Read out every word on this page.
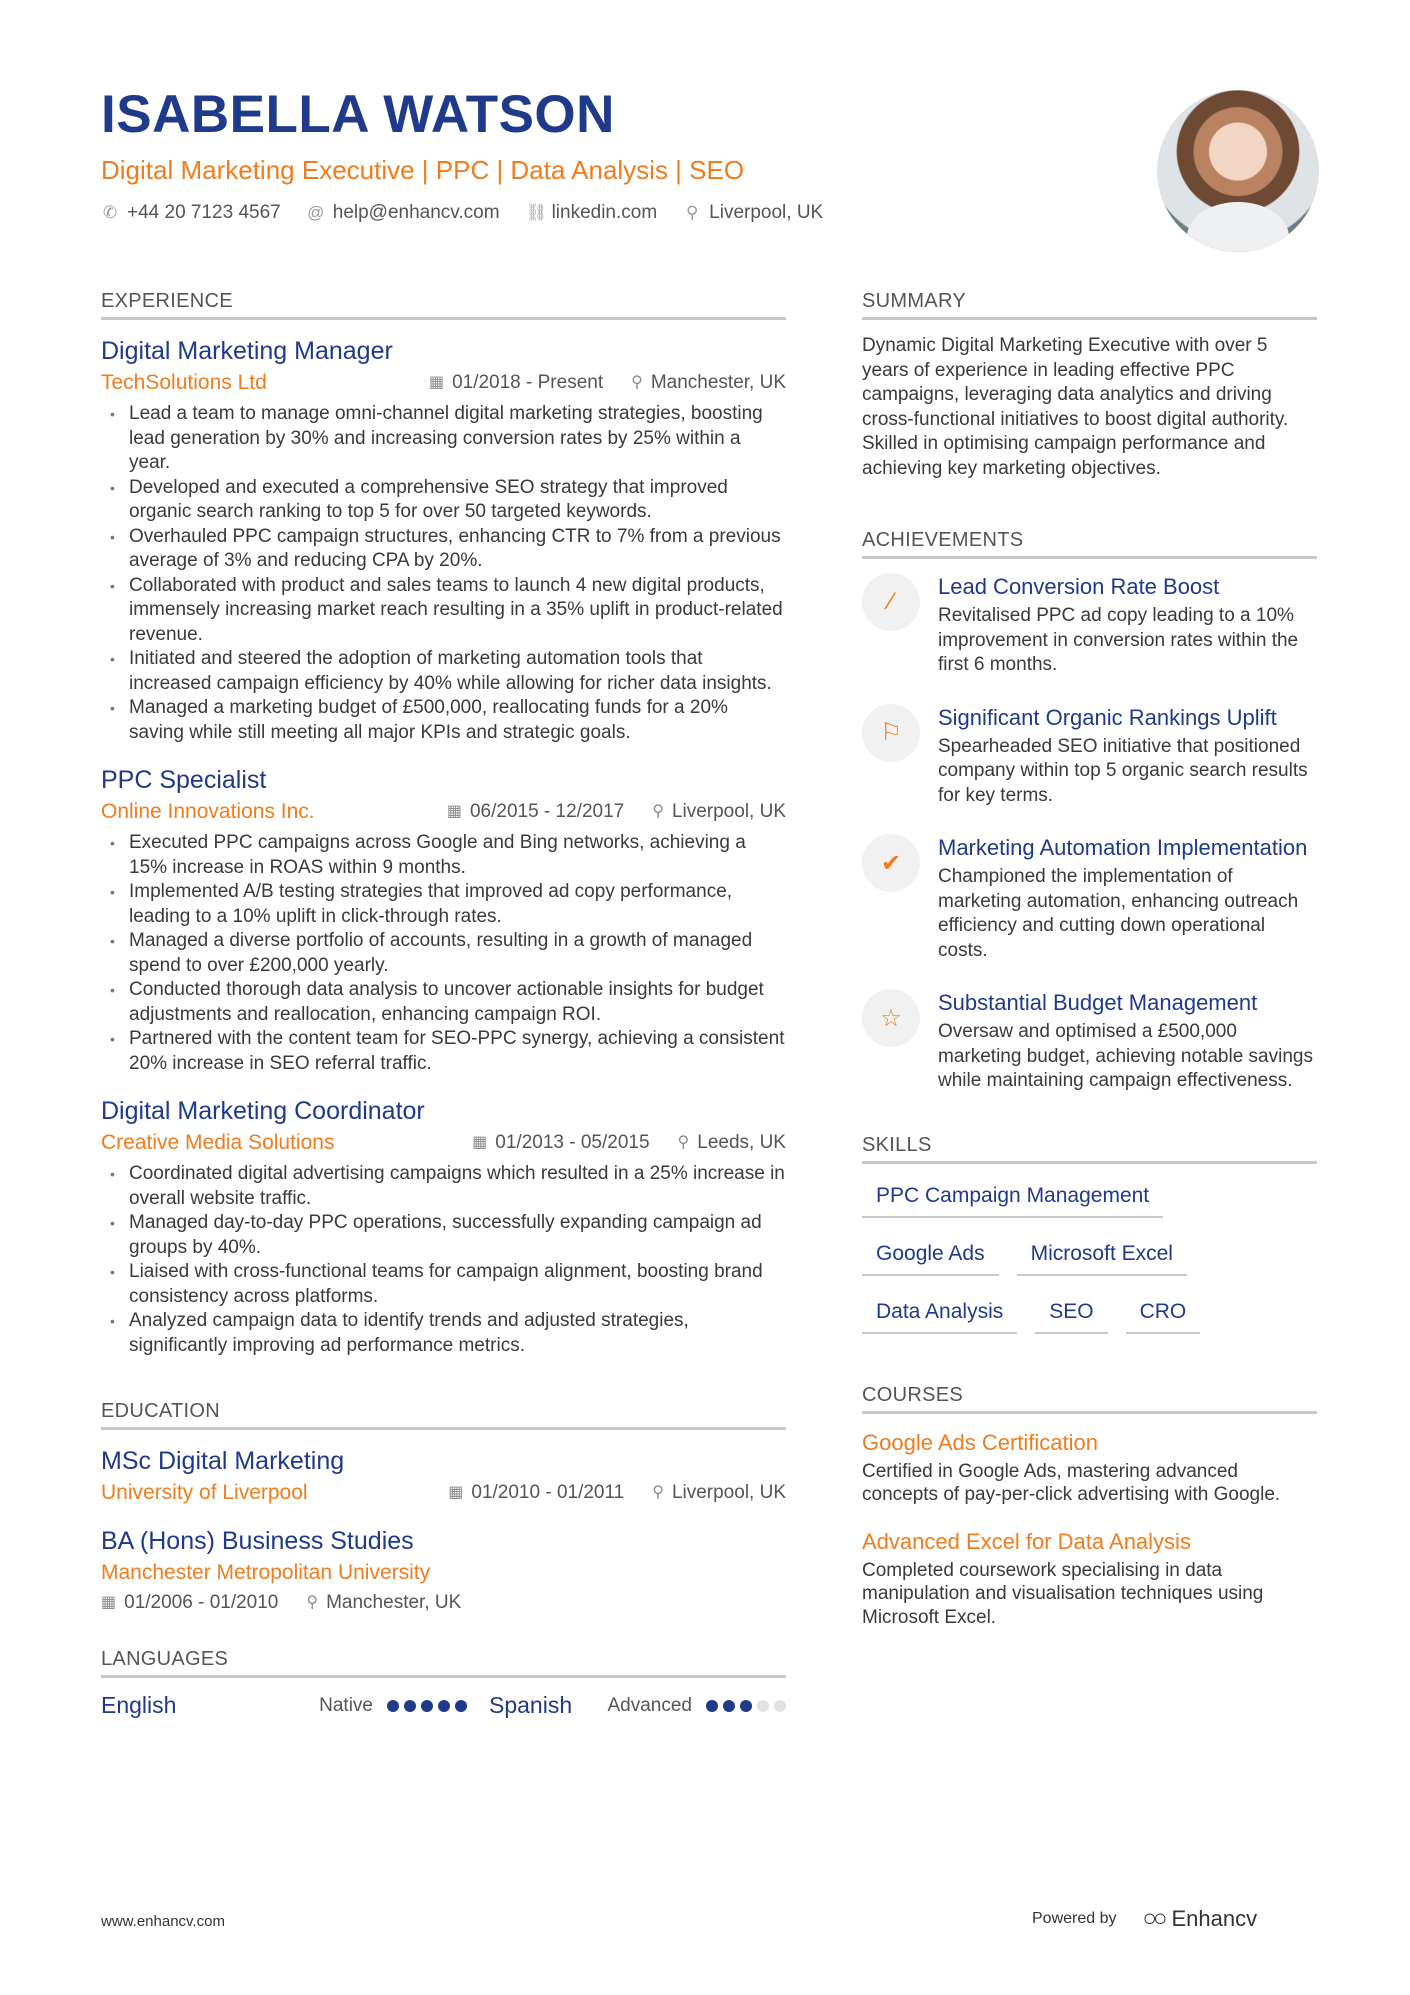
ISABELLA WATSON
Digital Marketing Executive | PPC | Data Analysis | SEO
✆ +44 20 7123 4567 @ help@enhancv.com ⛓ linkedin.com ⚲ Liverpool, UK
EXPERIENCE
Digital Marketing Manager
TechSolutions Ltd	▦ 01/2018 - Present ⚲ Manchester, UK
• Lead a team to manage omni-channel digital marketing strategies, boosting lead generation by 30% and increasing conversion rates by 25% within a year.
• Developed and executed a comprehensive SEO strategy that improved organic search ranking to top 5 for over 50 targeted keywords.
• Overhauled PPC campaign structures, enhancing CTR to 7% from a previous average of 3% and reducing CPA by 20%.
• Collaborated with product and sales teams to launch 4 new digital products, immensely increasing market reach resulting in a 35% uplift in product-related revenue.
• Initiated and steered the adoption of marketing automation tools that increased campaign efficiency by 40% while allowing for richer data insights.
• Managed a marketing budget of £500,000, reallocating funds for a 20% saving while still meeting all major KPIs and strategic goals.
PPC Specialist
Online Innovations Inc.	▦ 06/2015 - 12/2017 ⚲ Liverpool, UK
• Executed PPC campaigns across Google and Bing networks, achieving a 15% increase in ROAS within 9 months.
• Implemented A/B testing strategies that improved ad copy performance, leading to a 10% uplift in click-through rates.
• Managed a diverse portfolio of accounts, resulting in a growth of managed spend to over £200,000 yearly.
• Conducted thorough data analysis to uncover actionable insights for budget adjustments and reallocation, enhancing campaign ROI.
• Partnered with the content team for SEO-PPC synergy, achieving a consistent 20% increase in SEO referral traffic.
Digital Marketing Coordinator
Creative Media Solutions	▦ 01/2013 - 05/2015 ⚲ Leeds, UK
• Coordinated digital advertising campaigns which resulted in a 25% increase in overall website traffic.
• Managed day-to-day PPC operations, successfully expanding campaign ad groups by 40%.
• Liaised with cross-functional teams for campaign alignment, boosting brand consistency across platforms.
• Analyzed campaign data to identify trends and adjusted strategies, significantly improving ad performance metrics.
EDUCATION
MSc Digital Marketing
University of Liverpool	▦ 01/2010 - 01/2011 ⚲ Liverpool, UK
BA (Hons) Business Studies
Manchester Metropolitan University
▦ 01/2006 - 01/2010 ⚲ Manchester, UK
LANGUAGES
English	Native	Spanish Advanced
SUMMARY
Dynamic Digital Marketing Executive with over 5 years of experience in leading effective PPC campaigns, leveraging data analytics and driving cross-functional initiatives to boost digital authority. Skilled in optimising campaign performance and achieving key marketing objectives.
ACHIEVEMENTS
⁄
Lead Conversion Rate Boost
Revitalised PPC ad copy leading to a 10% improvement in conversion rates within the first 6 months.
⚐
Significant Organic Rankings Uplift
Spearheaded SEO initiative that positioned company within top 5 organic search results for key terms.
✔
Marketing Automation Implementation
Championed the implementation of marketing automation, enhancing outreach efficiency and cutting down operational costs.
☆
Substantial Budget Management
Oversaw and optimised a £500,000 marketing budget, achieving notable savings while maintaining campaign effectiveness.
SKILLS
PPC Campaign Management
Google Ads	Microsoft Excel
Data Analysis	SEO	CRO
COURSES
Google Ads Certification
Certified in Google Ads, mastering advanced concepts of pay-per-click advertising with Google.
Advanced Excel for Data Analysis
Completed coursework specialising in data manipulation and visualisation techniques using Microsoft Excel.
www.enhancv.com	Powered by ○○ Enhancv
